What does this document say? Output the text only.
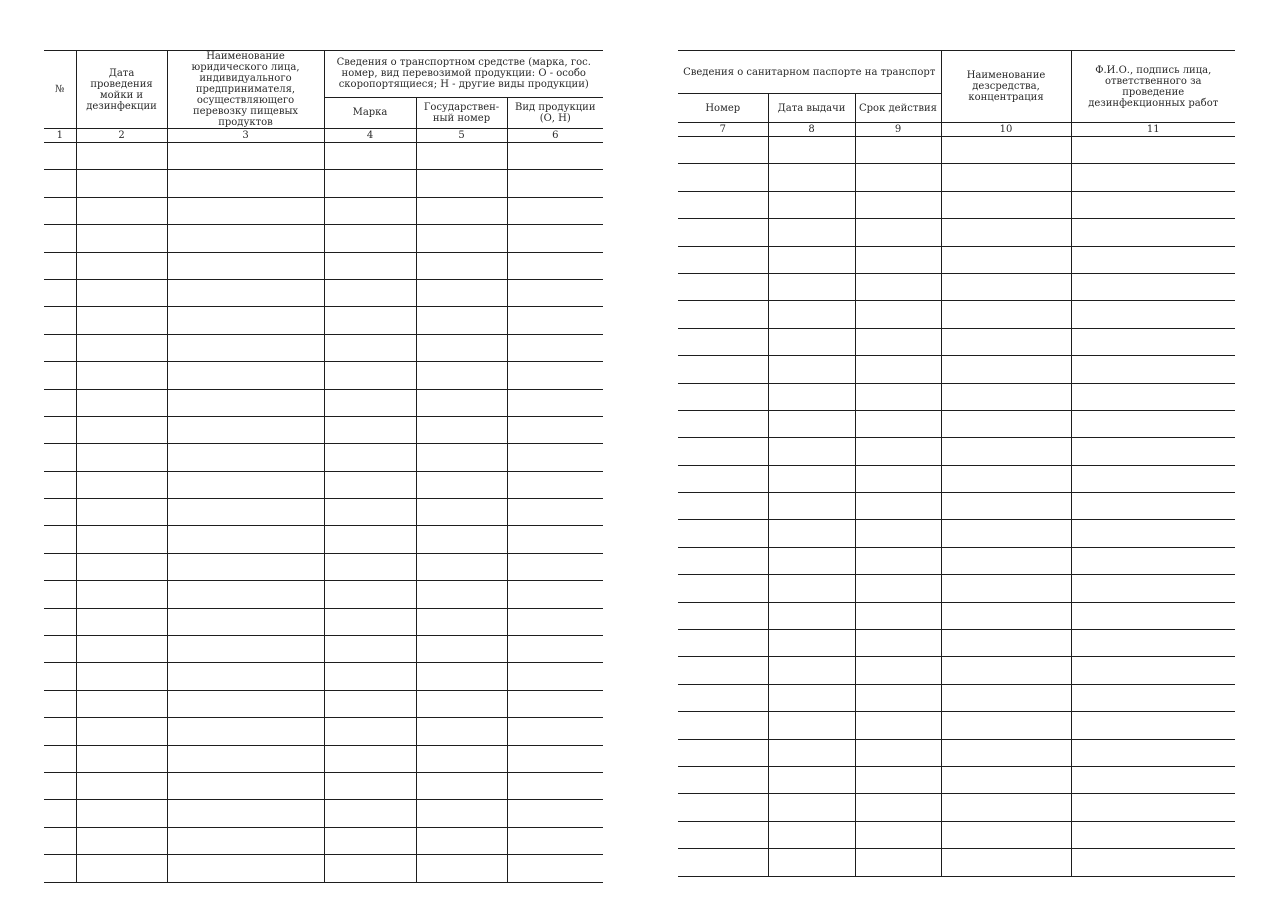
№	Дата проведения мойки и дезинфекции	Наименование юридического лица, индивидуального предпринимателя, осуществляющего перевозку пищевых продуктов	Сведения о транспортном средстве (марка, гос. номер, вид перевозимой продукции: О - особо скоропортящиеся; Н - другие виды продукции)		
			Марка	Государствен-ный номер	Вид продукции (О, Н)
1	2	3	4	5	6

Сведения о санитарном паспорте на транспорт			Наименование дезсредства, концентрация	Ф.И.О., подпись лица, ответственного за проведение дезинфекционных работ
Номер	Дата выдачи	Срок действия		
7	8	9	10	11
